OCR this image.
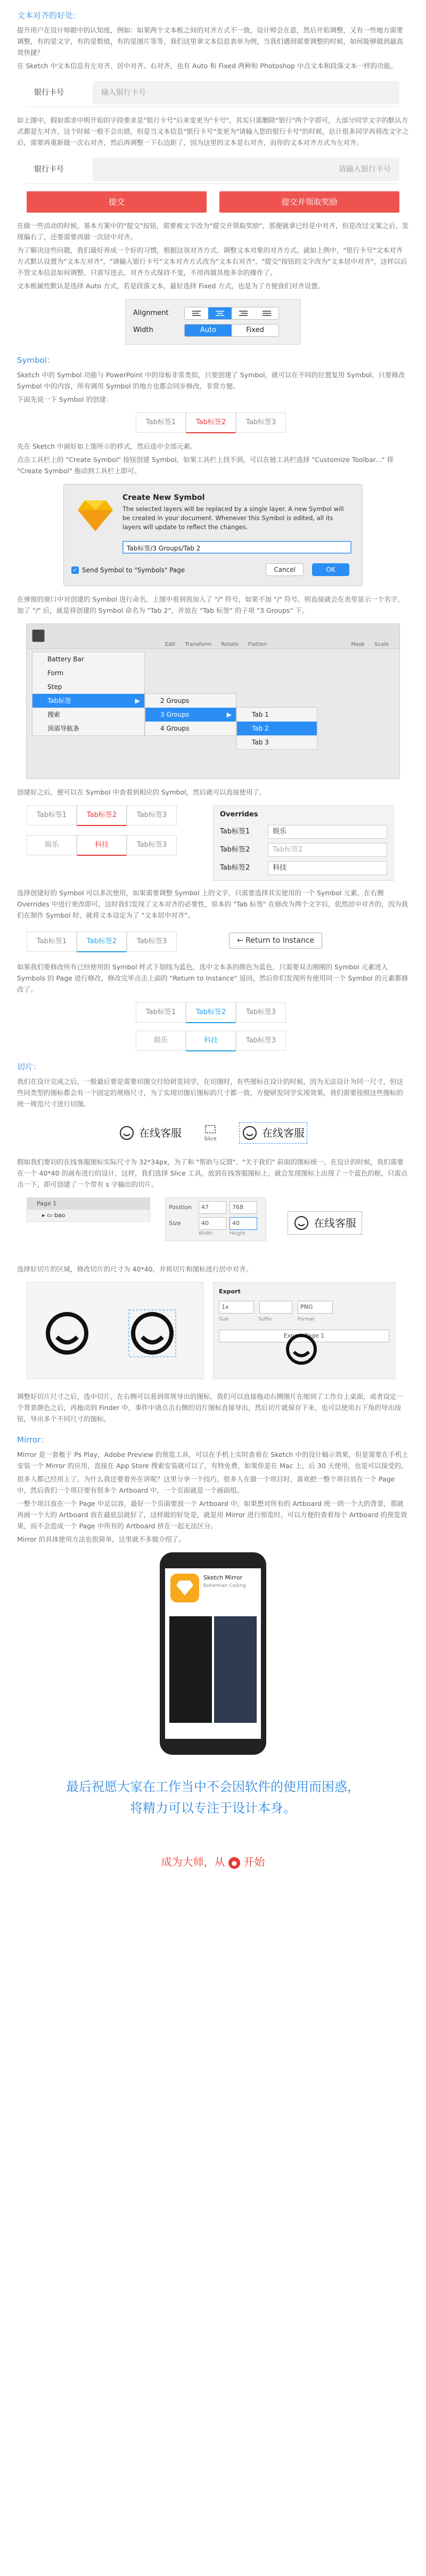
文本对齐的好处：
提升用户在设计师眼中的认知度，例如：如果两个文本框之间的对齐方式不一致，设计师会在意，然后开始调整，又有一些地方需要调整，有的是文字，有的是数值，有的是图片等等，我们这里拿文本信息表单为例，当我们遇到需要调整的时候，如何能够做到最高效快捷？
在 Sketch 中文本信息有左对齐、居中对齐、右对齐，也有 Auto 和 Fixed 两种和 Photoshop 中点文本和段落文本一样的功能。
银行卡号	输入银行卡号
如上图中，假如需求中明开始的字段要求是"银行卡号"后来变更为"卡号"，其实只需删除"银行"两个字即可，大部分同学文字的默认方式都是左对齐，这个时候一般不会出错，但是当文本信息"银行卡号"变更为"请输入您的银行卡号"的时候，估计很多同学再将改文字之后，需要再重新做一次右对齐，然后再调整一下右边距了，因为这里的文本是右对齐，而你的文本对齐方式为左对齐。
银行卡号	请输入银行卡号
提交	提交并领取奖励
在做一些活动的时候，基本方案中的"提交"按钮，需要被文字改为"提交并领取奖励"，那便就拿已经是中对齐，但是改过文案之后，发现偏右了，还要需要再做一次居中对齐。
为了解决这些问题，我们最好养成一个好的习惯，根据这该对齐方式，调整文本对象的对齐方式。就如上例中，"银行卡号"文本对齐方式默认设置为"文本左对齐"，"请输入银行卡号"文本对齐方式改为"文本右对齐"，"提交"按钮的文字改为"文本居中对齐"，这样以后不管文本信息如何调整，只需写进去，对齐方式保持不变，不用再做其他多余的操作了。
文本框属性默认是选择 Auto 方式，若是段落文本，最好选择 Fixed 方式，也是为了方便我们对齐设置。
Alignment
Width	Auto	Fixed
Symbol：
Sketch 中的 Symbol 功能与 PowerPoint 中的母板非常类似，只要创建了 Symbol，就可以在不同的位置复用 Symbol，只要修改 Symbol 中的内容，所有调用 Symbol 的地方也都会同步修改，非常方便。
下面先说一下 Symbol 的创建：
Tab标签1	Tab标签2	Tab标签3
先在 Sketch 中画好如上图所示的样式，然后选中全部元素。
点击工具栏上的 "Create Symbol" 按钮创建 Symbol，如果工具栏上找不到，可以在链工具栏选择 "Customize Toolbar..." 将 "Create Symbol" 拖动到工具栏上即可。
Create New Symbol
The selected layers will be replaced by a single layer. A new Symbol will be created in your document. Whenever this Symbol is edited, all its layers will update to reflect the changes.
Tab标签/3 Groups/Tab 2
✓ Send Symbol to "Symbols" Page	Cancel	OK
在弹窗的窗口中对创建的 Symbol 进行命名，上图中看到我加入了 "/" 符号，如果不加 "/" 符号，则直接就会在表里显示一个名字，加了 "/" 后，就是将创建的 Symbol 命名为 "Tab 2"，并放在 "Tab 标签" 的子项 "3 Groups" 下。
Edit Transform Rotate Flatten	Mask Scale
Battery Bar
Form
Step
Tab标签	▶
搜索
顶部导航条
2 Groups
3 Groups	▶
4 Groups
Tab 1
Tab 2
Tab 3
创建好之后，便可以在 Symbol 中查看到相应的 Symbol，然后就可以直接使用了。
Tab标签1	Tab标签2	Tab标签3
娱乐	科技	Tab标签3
Overrides
Tab标签1	娱乐
Tab标签2	Tab标签2
Tab标签2	科技
选择创建好的 Symbol 可以多次使用，如果需要调整 Symbol 上的文字，只需要选择其实使用的一个 Symbol 元素，在右侧 Overrides 中进行更改即可，这时我们发现了文本对齐的必要性，原本的 "Tab 标签" 在修改为两个文字后，依然居中对齐的，因为我们在制作 Symbol 时，就将文本设定为了 "文本居中对齐"。
Tab标签1	Tab标签2	Tab标签3	← Return to Instance
如果我们要修改所有已经使用的 Symbol 样式下划线为蓝色，选中文本条的颜色为蓝色，只需要双击刚刚的 Symbol 元素进入 Symbols 的 Page 进行修改，修改完毕点击上面的 "Return to Instance" 返回，然后你们发现所有使用同一个 Symbol 的元素都修改了。
Tab标签1	Tab标签2	Tab标签3
娱乐	科技	Tab标签3
切片：
我们在设计完成之后，一般最后要是需要切图交付给研发同学，在切图时，有些图标在设计的时候，因为无法设计为同一尺寸，但这些同类型的图标都会有一个固定的规格尺寸，为了实现切图后图标的尺寸都一致，方便研发同学实现效果，我们需要按照这些图标的统一规范尺寸进行切图。
在线客服	Slice	在线客服
假如我们要切的在线客服图标实际尺寸为 32*34px，为了和 "帮助与反馈"、"关于我们" 前面的图标统一，在设计的时候，我们需要在一个 40*40 的画布进行的设计，这样，我们选择 Slice 工具，放到在线客服图标上，就会发现图标上出现了一个蓝色的框，只需点击一下，即可创建了一个带有 s 字输出的切片。
Page 1
▸ ▭ bao
Position	47	768
Size	40	40
Width	Height
在线客服
选择好切片的区域，修改切片的尺寸为 40*40，并将切片和图标进行居中对齐。
Export
1x
	PNG
Size	Suffix	Format
Export Page 1
调整好切片尺寸之后，选中切片，在右侧可以看到常规导出的图标，我们可以直接拖动右侧图片在缩到了工作台上桌面，或者设定一个背景颜色之后，再拖动到 Finder 中，事件中请点击右侧的切片图标直接导出，然后切片就保存下来，也可以使用右下角的导出按钮，导出多个不同尺寸的图标。
Mirror：
Mirror 是一套极于 Ps Play，Adobe Preview 的预览工具，可以在手机上实时查看在 Sketch 中的设计稿示效果，但是需要在手机上安装一个 Mirror 的应用，直接在 App Store 搜索安装就可以了，有特免费，如果你是在 Mac 上，后 30 天使用，也是可以接受的。
很多人都已经用上了，为什么我还要着外在讲呢？这里分享一个技巧，很多人在做一个项目时，喜欢把一整个项目放在一个 Page 中，然后我们一个项目要有很多个 Artboard 中，一个页面就是一个画面组。
一整个项目放在一个 Page 中足以容，最好一个页面要放一个 Artboard 中，如果想对所有的 Artboard 统一到一个大的背景，那就再画一个大的 Artboard 放在最底层就好了，这样做的好处是，就是用 Mirror 进行预览时，可以方便的查看每个 Artboard 的预览效果，而不会造成一个 Page 中所有的 Artboard 挤在一起无法区分。
Mirror 的具体使用方法也很简单，这里就不多做介绍了。
Sketch Mirror
Bohemian Coding
最后祝愿大家在工作当中不会因软件的使用而困惑，
将精力可以专注于设计本身。
成为大师，从 ● 开始
